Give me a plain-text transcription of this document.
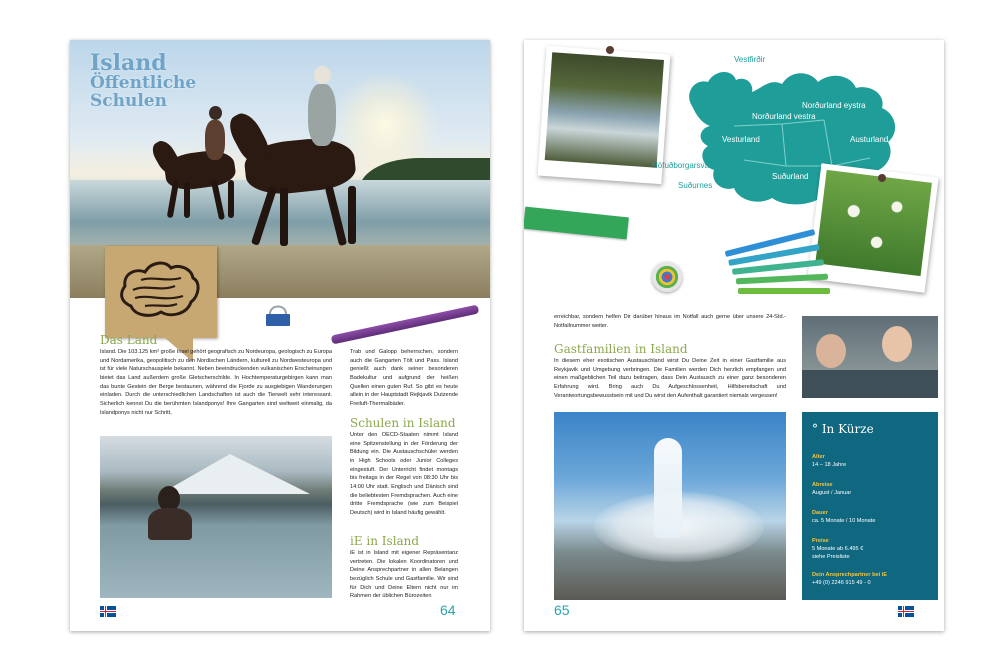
Island
Öffentliche
Schulen
Das Land
Island. Die 103.125 km² große Insel gehört geografisch zu Nordeuropa, geologisch zu Europa und Nordamerika, geopolitisch zu den Nordischen Ländern, kulturell zu Nordwesteuropa und ist für viele Naturschauspiele bekannt. Neben beeindruckenden vulkanischen Erscheinungen bietet das Land außerdem große Gletscherschilde. In Hochtemperaturgebirgen kann man das bunte Gestein der Berge bestaunen, während die Fjorde zu ausgiebigen Wanderungen einladen. Durch die unterschiedlichen Landschaften ist auch die Tierwelt sehr interessant. Sicherlich kennst Du die berühmten Islandponys! Ihre Gangarten sind weltweit einmalig, da Islandponys nicht nur Schritt,
Trab und Galopp beherrschen, sondern auch die Gangarten Tölt und Pass. Island genießt auch dank seiner besonderen Badekultur und aufgrund der heißen Quellen einen guten Ruf. So gibt es heute allein in der Hauptstadt Rejkjavik Dutzende Freiluft-Thermalbäder.
Schulen in Island
Unter den OECD-Staaten nimmt Island eine Spitzenstellung in der Förderung der Bildung ein. Die Austauschschüler werden in High Schools oder Junior Colleges eingestuft. Der Unterricht findet montags bis freitags in der Regel von 08:30 Uhr bis 14:00 Uhr statt. Englisch und Dänisch sind die beliebtesten Fremdsprachen. Auch eine dritte Fremdsprache (wie zum Beispiel Deutsch) wird in Island häufig gewählt.
iE in Island
iE ist in Island mit eigener Repräsentanz vertreten. Die lokalen Koordinatoren und Deine Ansprechpartner in allen Belangen bezüglich Schule und Gastfamilie. Wir sind für Dich und Deine Eltern nicht nur im Rahmen der üblichen Bürozeiten
64
Vestfirðir
Norðurland vestra
Norðurland eystra
Vesturland	Austurland
Höfuðborgarsvæði
Suðurland
Suðurnes
erreichbar, sondern helfen Dir darüber hinaus im Notfall auch gerne über unsere 24-Std.-Notfallnummer weiter.
Gastfamilien in Island
In diesem eher exotischen Austauschland wirst Du Deine Zeit in einer Gastfamilie aus Reykjavik und Umgebung verbringen. Die Familien werden Dich herzlich empfangen und einen maßgeblichen Teil dazu beitragen, dass Dein Austausch zu einer ganz besonderen Erfahrung wird. Bring auch Du Aufgeschlossenheit, Hilfsbereitschaft und Verantwortungsbewusstsein mit und Du wirst den Aufenthalt garantiert niemals vergessen!
° In Kürze
Alter
14 – 18 Jahre
Abreise
August / Januar
Dauer
ca. 5 Monate / 10 Monate
Preise
5 Monate ab 6.495 €
siehe Preisliste
Dein Ansprechpartner bei iE
+49 (0) 2246 915 49 - 0
65
